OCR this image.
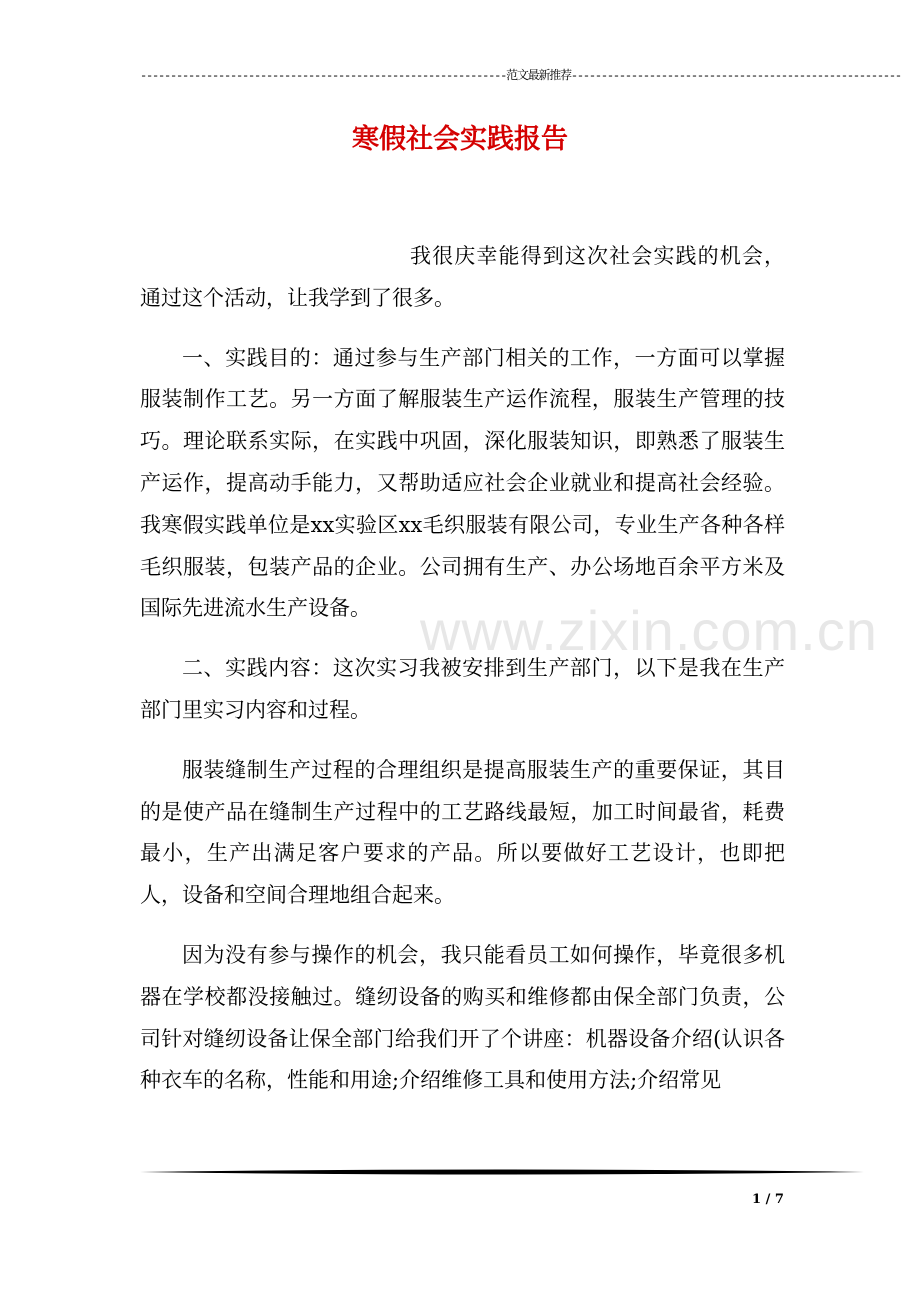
-------------------------------------------------------------范文最新推荐-------------------------------------------------------
寒假社会实践报告

我很庆幸能得到这次社会实践的机会，通过这个活动，让我学到了很多。

一、实践目的：通过参与生产部门相关的工作，一方面可以掌握服装制作工艺。另一方面了解服装生产运作流程，服装生产管理的技巧。理论联系实际，在实践中巩固，深化服装知识，即熟悉了服装生产运作，提高动手能力，又帮助适应社会企业就业和提高社会经验。我寒假实践单位是xx实验区xx毛织服装有限公司，专业生产各种各样毛织服装，包装产品的企业。公司拥有生产、办公场地百余平方米及国际先进流水生产设备。

二、实践内容：这次实习我被安排到生产部门，以下是我在生产部门里实习内容和过程。

服装缝制生产过程的合理组织是提高服装生产的重要保证，其目的是使产品在缝制生产过程中的工艺路线最短，加工时间最省，耗费最小，生产出满足客户要求的产品。所以要做好工艺设计，也即把人，设备和空间合理地组合起来。

因为没有参与操作的机会，我只能看员工如何操作，毕竟很多机器在学校都没接触过。缝纫设备的购买和维修都由保全部门负责，公司针对缝纫设备让保全部门给我们开了个讲座：机器设备介绍(认识各种衣车的名称，性能和用途;介绍维修工具和使用方法;介绍常见

www.zixin.com.cn
1 / 7
